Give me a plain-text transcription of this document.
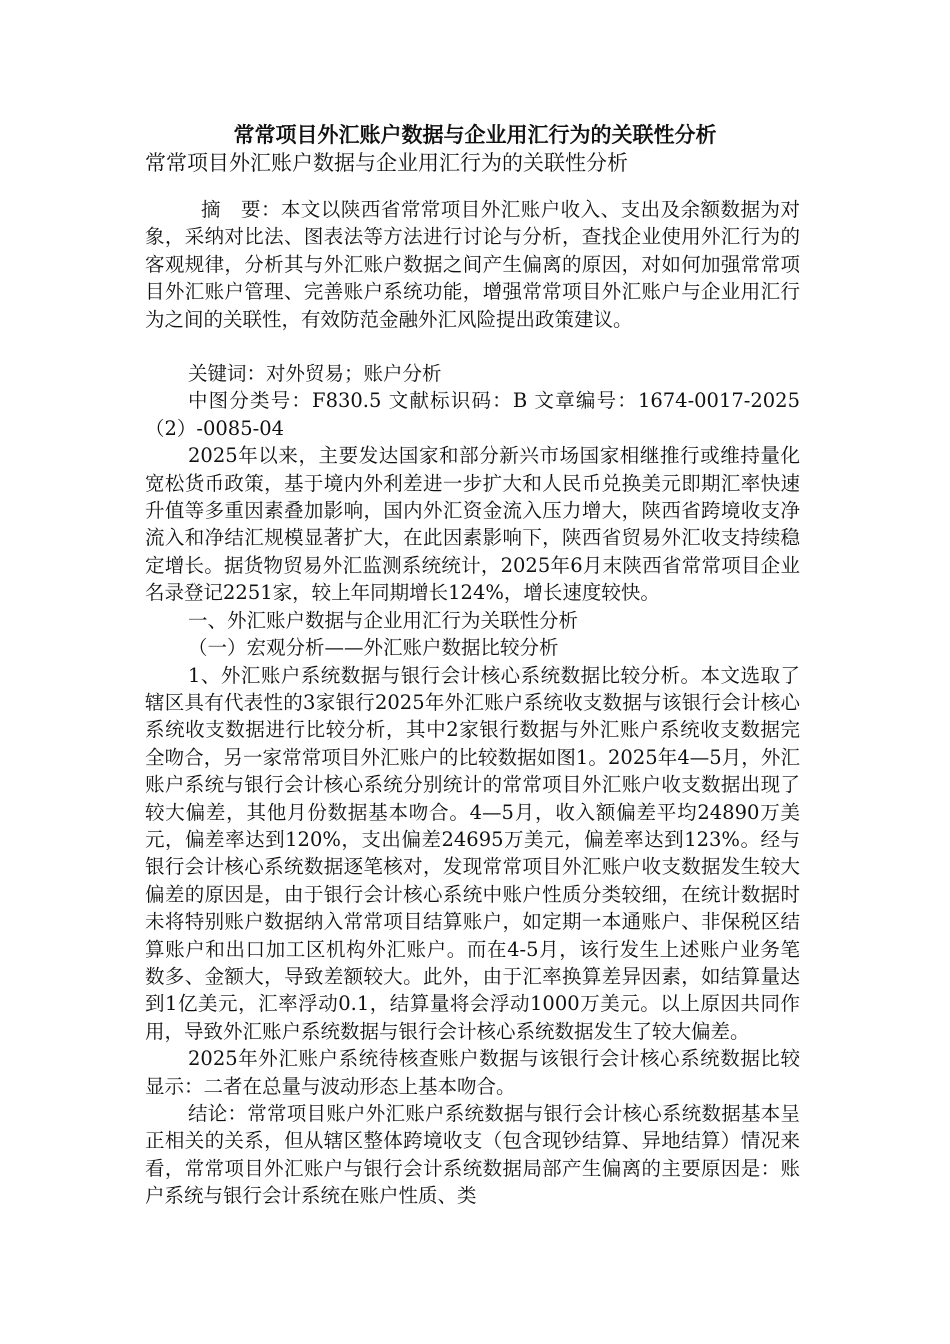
常常项目外汇账户数据与企业用汇行为的关联性分析
常常项目外汇账户数据与企业用汇行为的关联性分析

摘　要：本文以陕西省常常项目外汇账户收入、支出及余额数据为对象，采纳对比法、图表法等方法进行讨论与分析，查找企业使用外汇行为的客观规律，分析其与外汇账户数据之间产生偏离的原因，对如何加强常常项目外汇账户管理、完善账户系统功能，增强常常项目外汇账户与企业用汇行为之间的关联性，有效防范金融外汇风险提出政策建议。

关键词：对外贸易；账户分析

中图分类号：F830.5 文献标识码：B 文章编号：1674-0017-2025（2）-0085-04

2025年以来，主要发达国家和部分新兴市场国家相继推行或维持量化宽松货币政策，基于境内外利差进一步扩大和人民币兑换美元即期汇率快速升值等多重因素叠加影响，国内外汇资金流入压力增大，陕西省跨境收支净流入和净结汇规模显著扩大，在此因素影响下，陕西省贸易外汇收支持续稳定增长。据货物贸易外汇监测系统统计，2025年6月末陕西省常常项目企业名录登记2251家，较上年同期增长124%，增长速度较快。

一、外汇账户数据与企业用汇行为关联性分析

（一）宏观分析——外汇账户数据比较分析

1、外汇账户系统数据与银行会计核心系统数据比较分析。本文选取了辖区具有代表性的3家银行2025年外汇账户系统收支数据与该银行会计核心系统收支数据进行比较分析，其中2家银行数据与外汇账户系统收支数据完全吻合，另一家常常项目外汇账户的比较数据如图1。2025年4—5月，外汇账户系统与银行会计核心系统分别统计的常常项目外汇账户收支数据出现了较大偏差，其他月份数据基本吻合。4—5月，收入额偏差平均24890万美元，偏差率达到120%，支出偏差24695万美元，偏差率达到123%。经与银行会计核心系统数据逐笔核对，发现常常项目外汇账户收支数据发生较大偏差的原因是，由于银行会计核心系统中账户性质分类较细，在统计数据时未将特别账户数据纳入常常项目结算账户，如定期一本通账户、非保税区结算账户和出口加工区机构外汇账户。而在4-5月，该行发生上述账户业务笔数多、金额大，导致差额较大。此外，由于汇率换算差异因素，如结算量达到1亿美元，汇率浮动0.1，结算量将会浮动1000万美元。以上原因共同作用，导致外汇账户系统数据与银行会计核心系统数据发生了较大偏差。

2025年外汇账户系统待核查账户数据与该银行会计核心系统数据比较显示：二者在总量与波动形态上基本吻合。

结论：常常项目账户外汇账户系统数据与银行会计核心系统数据基本呈正相关的关系，但从辖区整体跨境收支（包含现钞结算、异地结算）情况来看，常常项目外汇账户与银行会计系统数据局部产生偏离的主要原因是：账户系统与银行会计系统在账户性质、类
